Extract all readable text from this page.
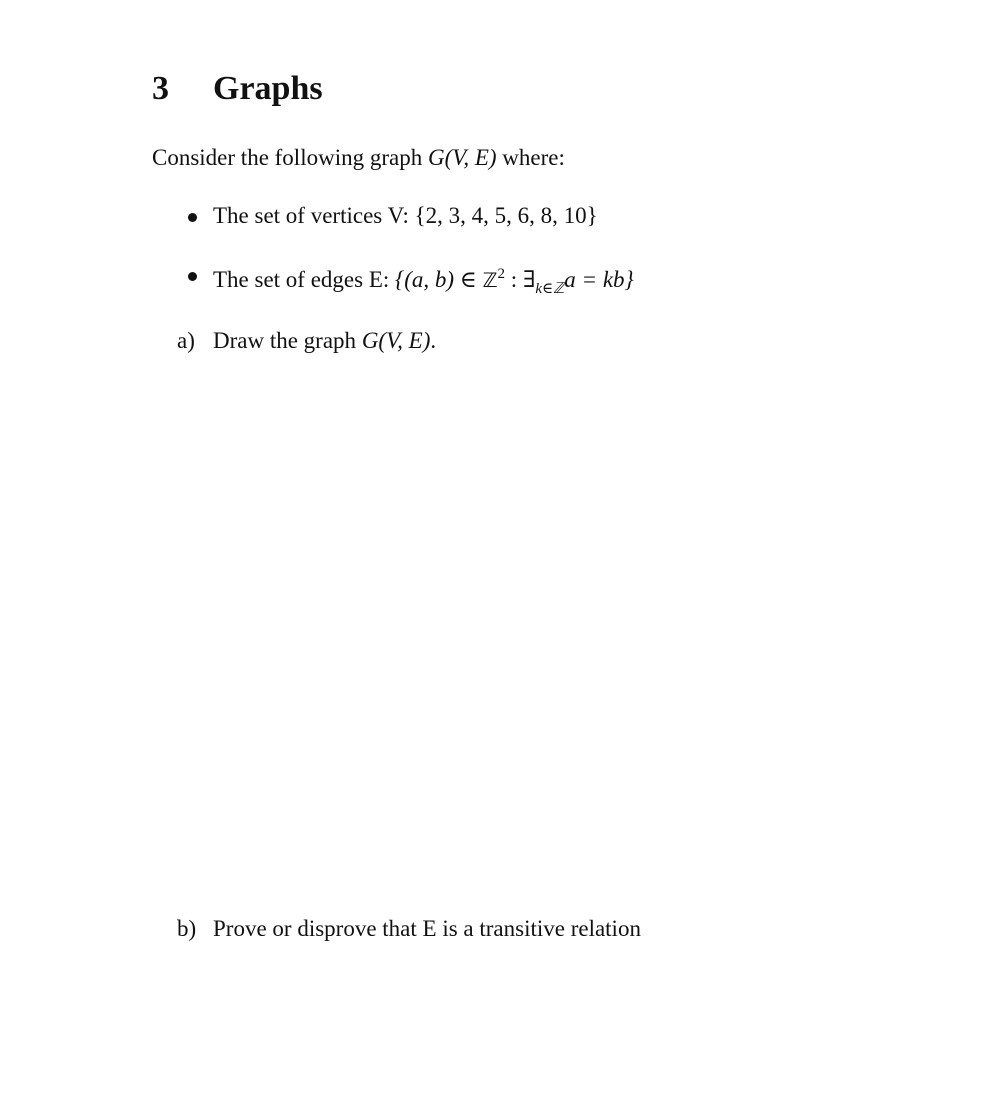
3 Graphs
Consider the following graph G(V, E) where:
The set of vertices V: {2, 3, 4, 5, 6, 8, 10}
The set of edges E: {(a, b) ∈ ℤ$^2$ : $\exists_{k\in ℤ}a = kb$}
a) Draw the graph G(V, E).
b) Prove or disprove that E is a transitive relation
